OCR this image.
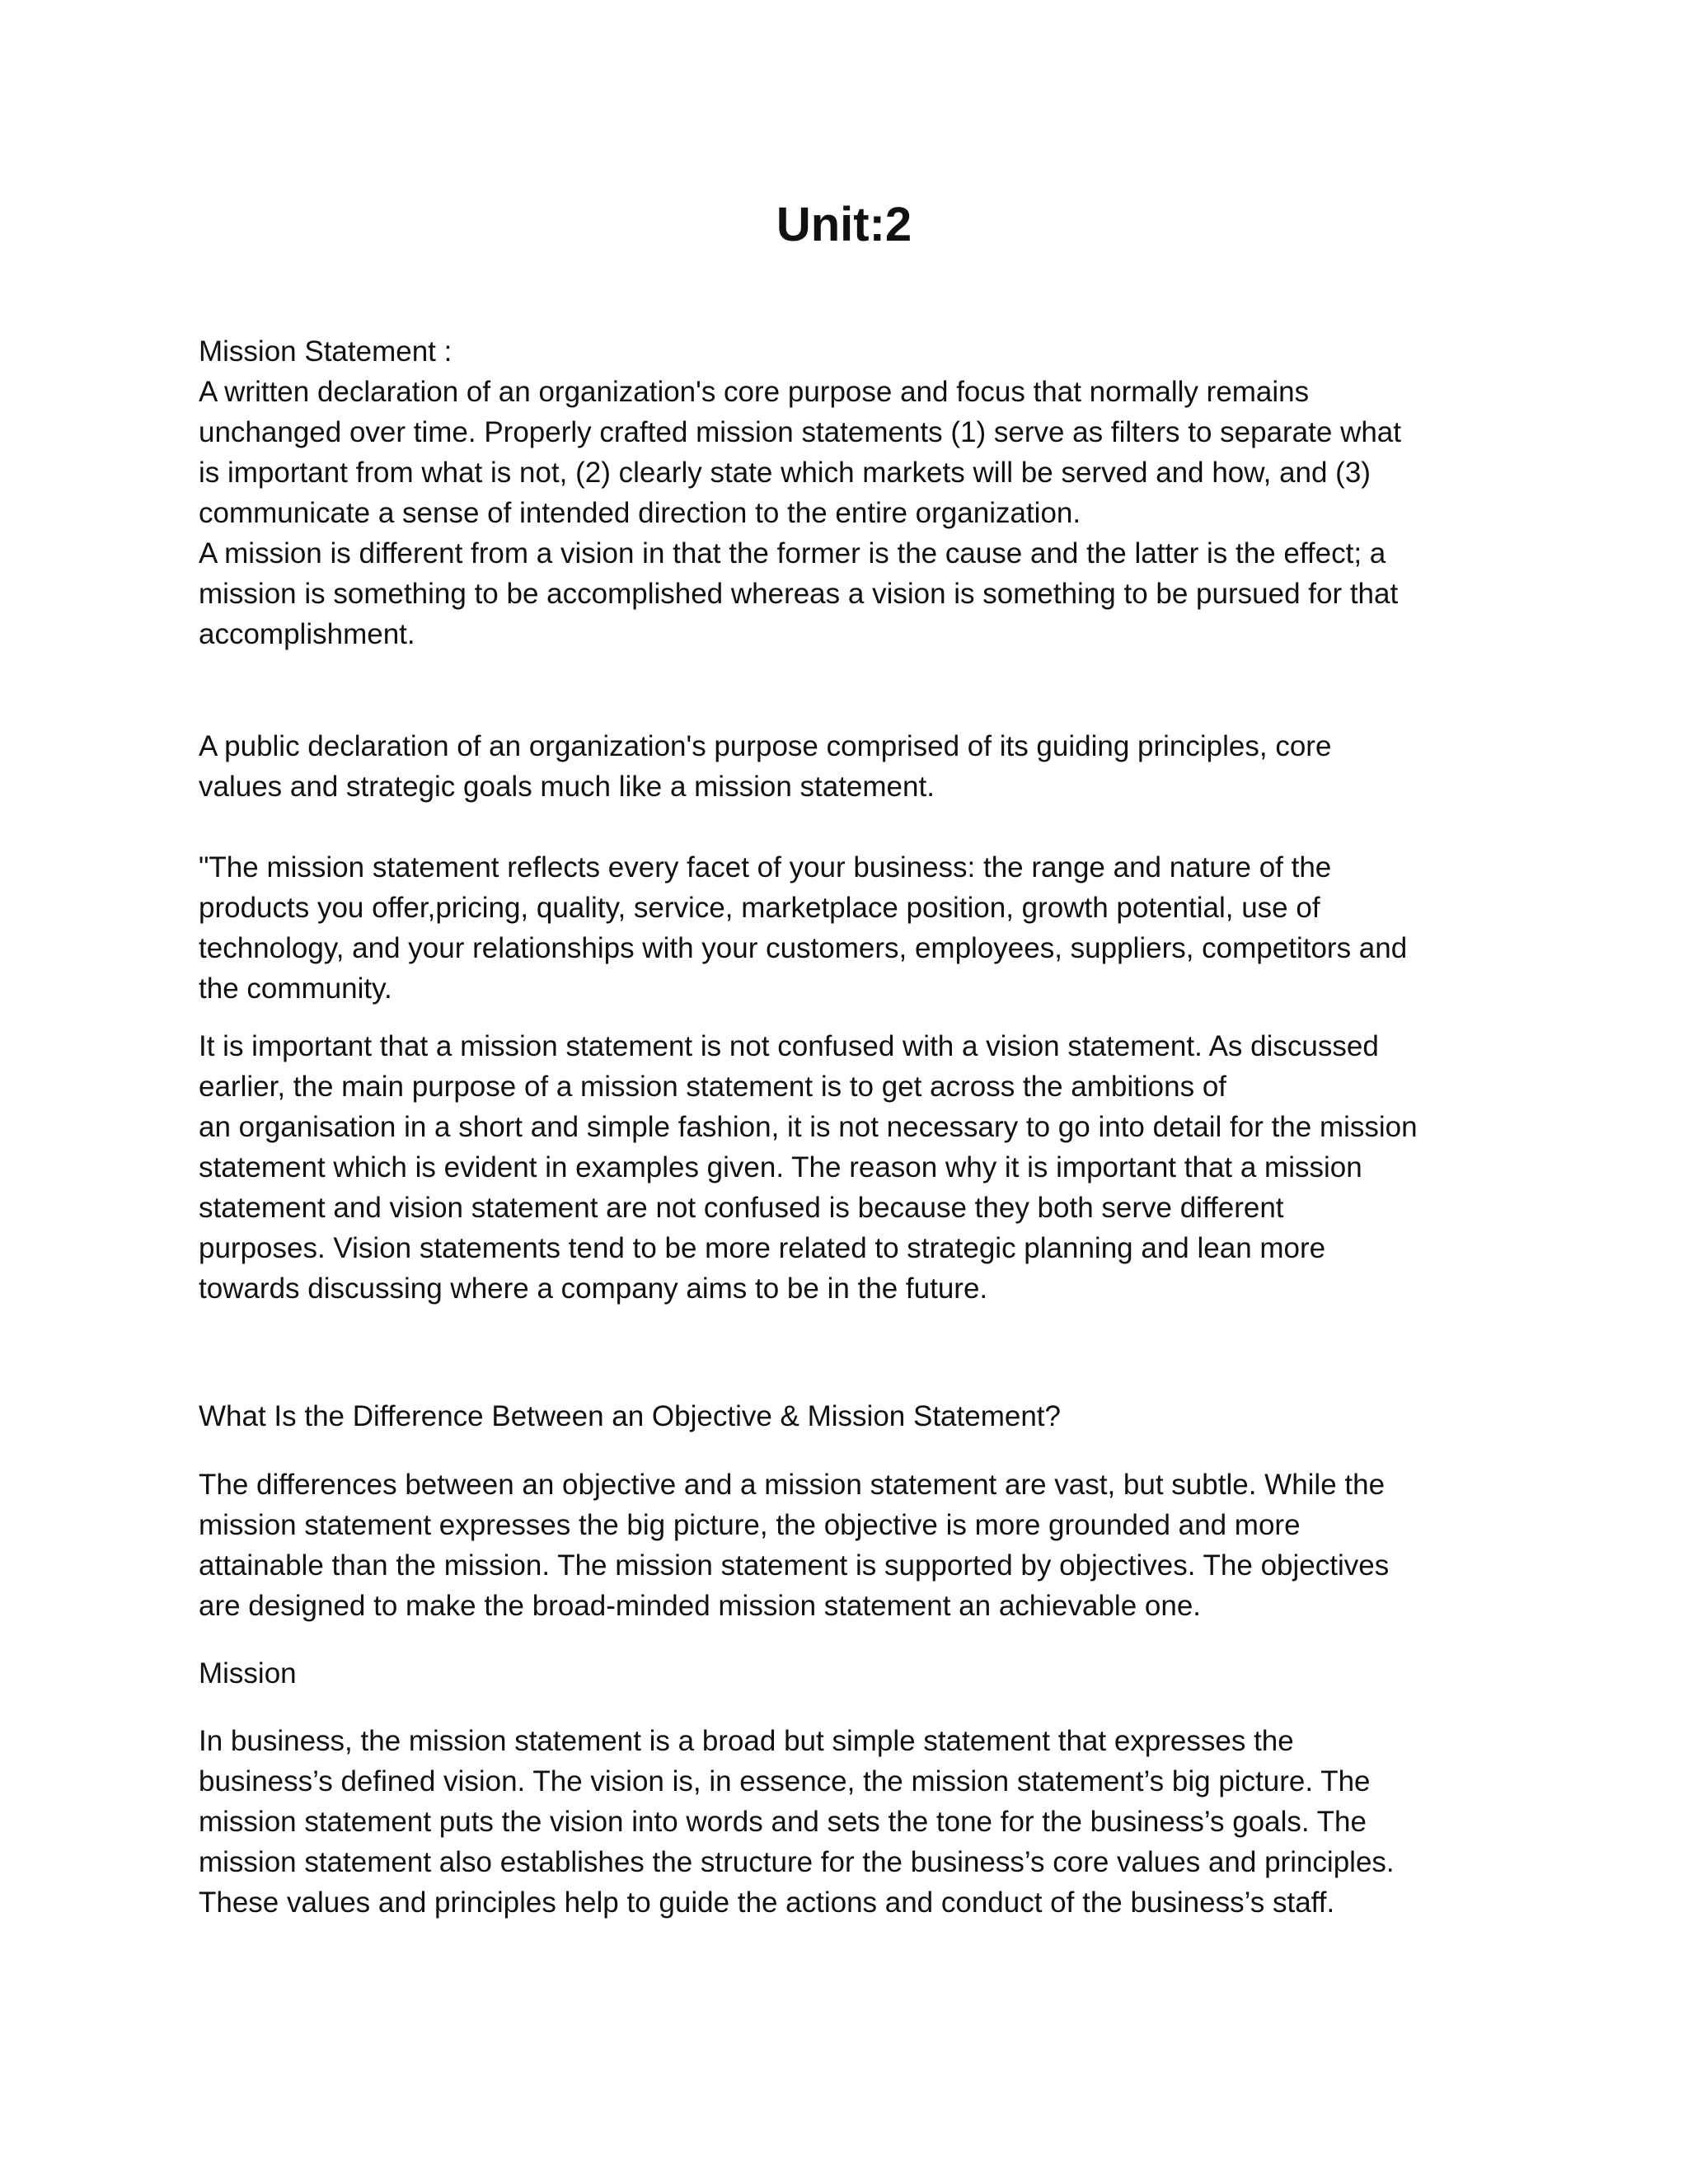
Unit:2

Mission Statement :
A written declaration of an organization's core purpose and focus that normally remains
unchanged over time. Properly crafted mission statements (1) serve as filters to separate what
is important from what is not, (2) clearly state which markets will be served and how, and (3)
communicate a sense of intended direction to the entire organization.
A mission is different from a vision in that the former is the cause and the latter is the effect; a
mission is something to be accomplished whereas a vision is something to be pursued for that
accomplishment.

A public declaration of an organization's purpose comprised of its guiding principles, core
values and strategic goals much like a mission statement.

"The mission statement reflects every facet of your business: the range and nature of the
products you offer,pricing, quality, service, marketplace position, growth potential, use of
technology, and your relationships with your customers, employees, suppliers, competitors and
the community.

It is important that a mission statement is not confused with a vision statement. As discussed
earlier, the main purpose of a mission statement is to get across the ambitions of
an organisation in a short and simple fashion, it is not necessary to go into detail for the mission
statement which is evident in examples given. The reason why it is important that a mission
statement and vision statement are not confused is because they both serve different
purposes. Vision statements tend to be more related to strategic planning and lean more
towards discussing where a company aims to be in the future.

What Is the Difference Between an Objective & Mission Statement?

The differences between an objective and a mission statement are vast, but subtle. While the
mission statement expresses the big picture, the objective is more grounded and more
attainable than the mission. The mission statement is supported by objectives. The objectives
are designed to make the broad-minded mission statement an achievable one.

Mission

In business, the mission statement is a broad but simple statement that expresses the
business’s defined vision. The vision is, in essence, the mission statement’s big picture. The
mission statement puts the vision into words and sets the tone for the business’s goals. The
mission statement also establishes the structure for the business’s core values and principles.
These values and principles help to guide the actions and conduct of the business’s staff.
